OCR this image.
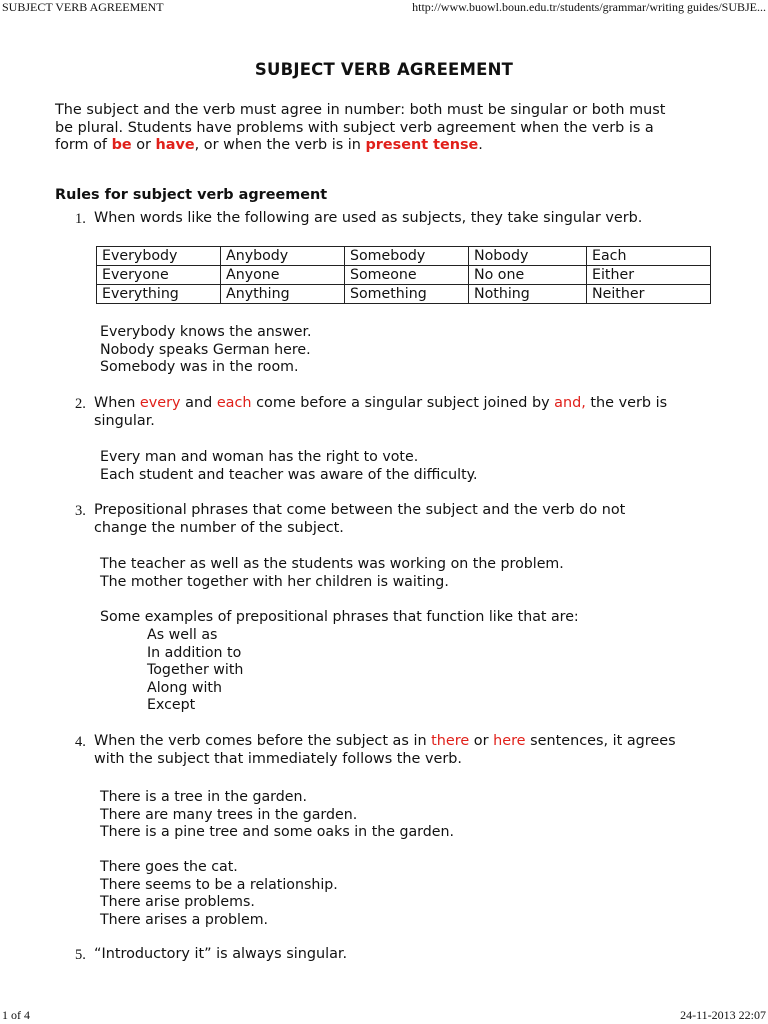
SUBJECT VERB AGREEMENT	http://www.buowl.boun.edu.tr/students/grammar/writing guides/SUBJE...
1 of 4	24-11-2013 22:07
SUBJECT VERB AGREEMENT
The subject and the verb must agree in number: both must be singular or both must
be plural. Students have problems with subject verb agreement when the verb is a
form of be or have, or when the verb is in present tense.
Rules for subject verb agreement
1. When words like the following are used as subjects, they take singular verb.
Everybody	Anybody	Somebody	Nobody	Each
Everyone	Anyone	Someone	No one	Either
Everything	Anything	Something	Nothing	Neither
Everybody knows the answer.
Nobody speaks German here.
Somebody was in the room.
2. When every and each come before a singular subject joined by and, the verb is
singular.
Every man and woman has the right to vote.
Each student and teacher was aware of the difficulty.
3. Prepositional phrases that come between the subject and the verb do not
change the number of the subject.
The teacher as well as the students was working on the problem.
The mother together with her children is waiting.
Some examples of prepositional phrases that function like that are:
As well as
In addition to
Together with
Along with
Except
4. When the verb comes before the subject as in there or here sentences, it agrees
with the subject that immediately follows the verb.
There is a tree in the garden.
There are many trees in the garden.
There is a pine tree and some oaks in the garden.
There goes the cat.
There seems to be a relationship.
There arise problems.
There arises a problem.
5. “Introductory it” is always singular.
